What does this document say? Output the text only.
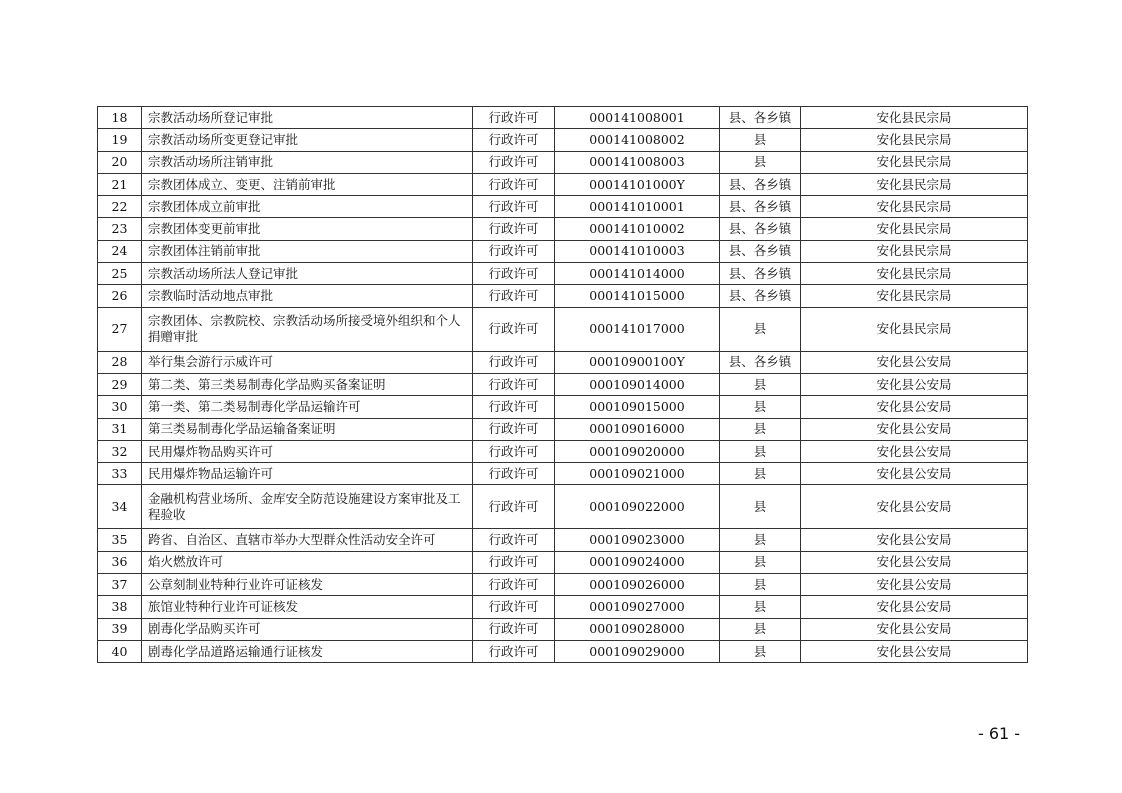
18	宗教活动场所登记审批	行政许可	000141008001	县、各乡镇	安化县民宗局
19	宗教活动场所变更登记审批	行政许可	000141008002	县	安化县民宗局
20	宗教活动场所注销审批	行政许可	000141008003	县	安化县民宗局
21	宗教团体成立、变更、注销前审批	行政许可	00014101000Y	县、各乡镇	安化县民宗局
22	宗教团体成立前审批	行政许可	000141010001	县、各乡镇	安化县民宗局
23	宗教团体变更前审批	行政许可	000141010002	县、各乡镇	安化县民宗局
24	宗教团体注销前审批	行政许可	000141010003	县、各乡镇	安化县民宗局
25	宗教活动场所法人登记审批	行政许可	000141014000	县、各乡镇	安化县民宗局
26	宗教临时活动地点审批	行政许可	000141015000	县、各乡镇	安化县民宗局
27	宗教团体、宗教院校、宗教活动场所接受境外组织和个人捐赠审批	行政许可	000141017000	县	安化县民宗局
28	举行集会游行示威许可	行政许可	00010900100Y	县、各乡镇	安化县公安局
29	第二类、第三类易制毒化学品购买备案证明	行政许可	000109014000	县	安化县公安局
30	第一类、第二类易制毒化学品运输许可	行政许可	000109015000	县	安化县公安局
31	第三类易制毒化学品运输备案证明	行政许可	000109016000	县	安化县公安局
32	民用爆炸物品购买许可	行政许可	000109020000	县	安化县公安局
33	民用爆炸物品运输许可	行政许可	000109021000	县	安化县公安局
34	金融机构营业场所、金库安全防范设施建设方案审批及工程验收	行政许可	000109022000	县	安化县公安局
35	跨省、自治区、直辖市举办大型群众性活动安全许可	行政许可	000109023000	县	安化县公安局
36	焰火燃放许可	行政许可	000109024000	县	安化县公安局
37	公章刻制业特种行业许可证核发	行政许可	000109026000	县	安化县公安局
38	旅馆业特种行业许可证核发	行政许可	000109027000	县	安化县公安局
39	剧毒化学品购买许可	行政许可	000109028000	县	安化县公安局
40	剧毒化学品道路运输通行证核发	行政许可	000109029000	县	安化县公安局
- 61 -
